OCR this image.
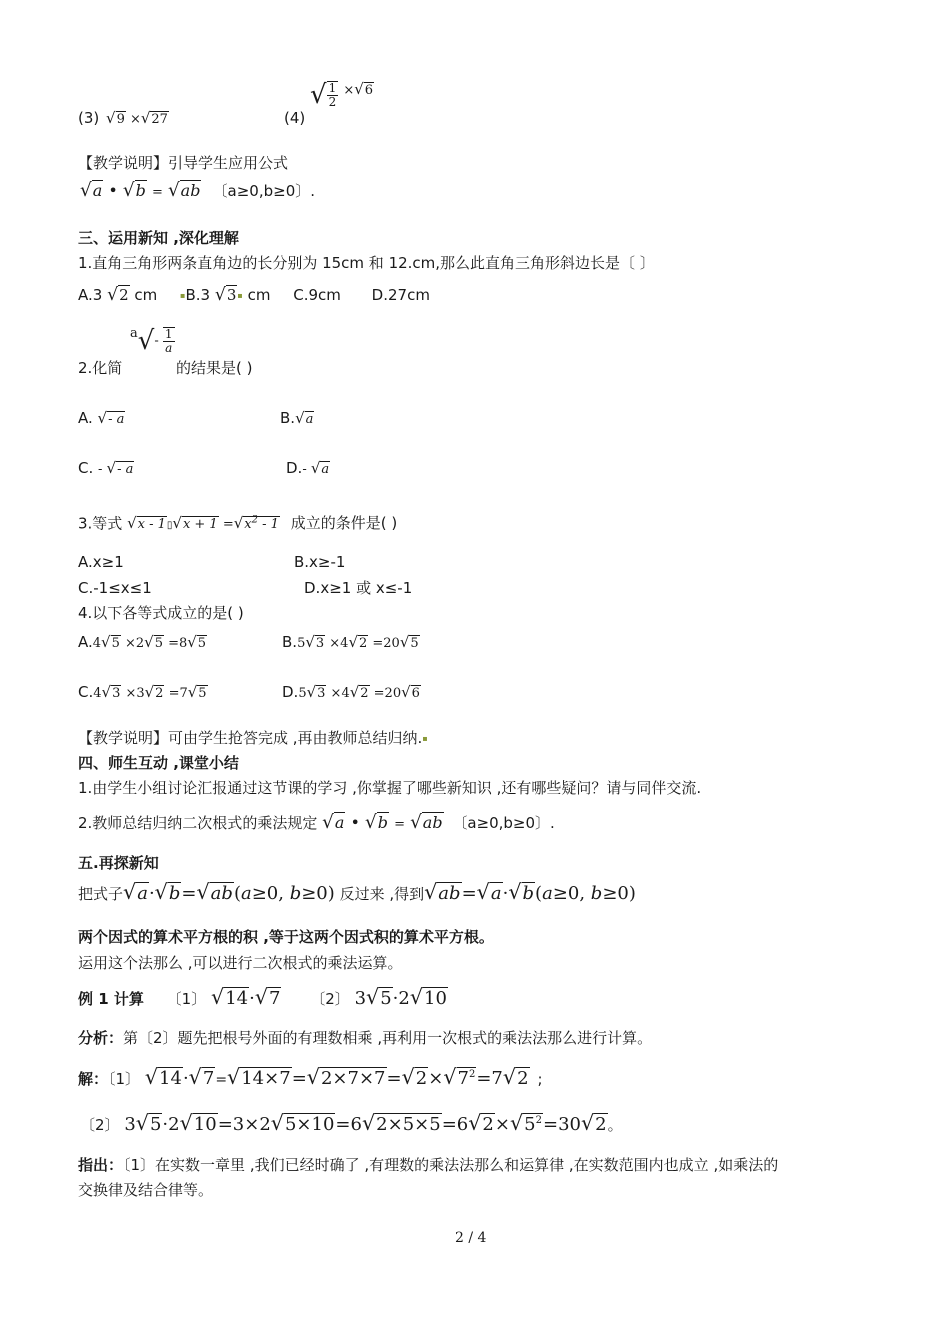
(3) √9 ×√27	(4)
√ $\frac{1}{2} ^{\times√6}$
【教学说明】引导学生应用公式
√a • √b = √ab 〔a≥0,b≥0〕.
三、运用新知 ,深化理解
1.直角三角形两条直角边的长分别为 15cm 和 12.cm,那么此直角三角形斜边长是〔 〕
A.3 √2 cm	▪B.3 √3▪ cm C.9cm D.27cm
2.化简
$^a√- \frac{1}{a}$
的结果是( )
A. √- a	B.√a
C. - √- a	D.- √a
3.等式 √x - 1▯√x + $1 =√x^2 - 1$ 成立的条件是( )
A.x≥1	B.x≥-1
C.-1≤x≤1	D.x≥1 或 x≤-1
4.以下各等式成立的是( )
A.4√5 ×2√5 =8√5	B.5√3 ×4√2 =20√5
C.4√3 ×3√2 =7√5	D.5√3 ×4√2 =20√6
【教学说明】可由学生抢答完成 ,再由教师总结归纳.▪
四、师生互动 ,课堂小结
1.由学生小组讨论汇报通过这节课的学习 ,你掌握了哪些新知识 ,还有哪些疑问？请与同伴交流.
2.教师总结归纳二次根式的乘法规定 √a • √b = √ab 〔a≥0,b≥0〕.
五.再探新知
把式子√a·√b=√ab(a≥0, b≥0) 反过来 ,得到√ab=√a·√b(a≥0, b≥0)
两个因式的算术平方根的积 ,等于这两个因式积的算术平方根。
运用这个法那么 ,可以进行二次根式的乘法运算。
例 1 计算 〔1〕 √14·√7 〔2〕 3√5·2√10
分析：第〔2〕题先把根号外面的有理数相乘 ,再利用一次根式的乘法法那么进行计算。
解：〔1〕 $√14\cdot√7=√14\times 7=√2\times 7\times 7=√2\times√7^2=7√2$ ;
〔2〕 $3√5\cdot 2√10=3\times 2√5\times 10=6√2\times 5\times 5=6√2\times√5^2=30√2$。
指出：〔1〕在实数一章里 ,我们已经时确了 ,有理数的乘法法那么和运算律 ,在实数范围内也成立 ,如乘法的
交换律及结合律等。
2 / 4
